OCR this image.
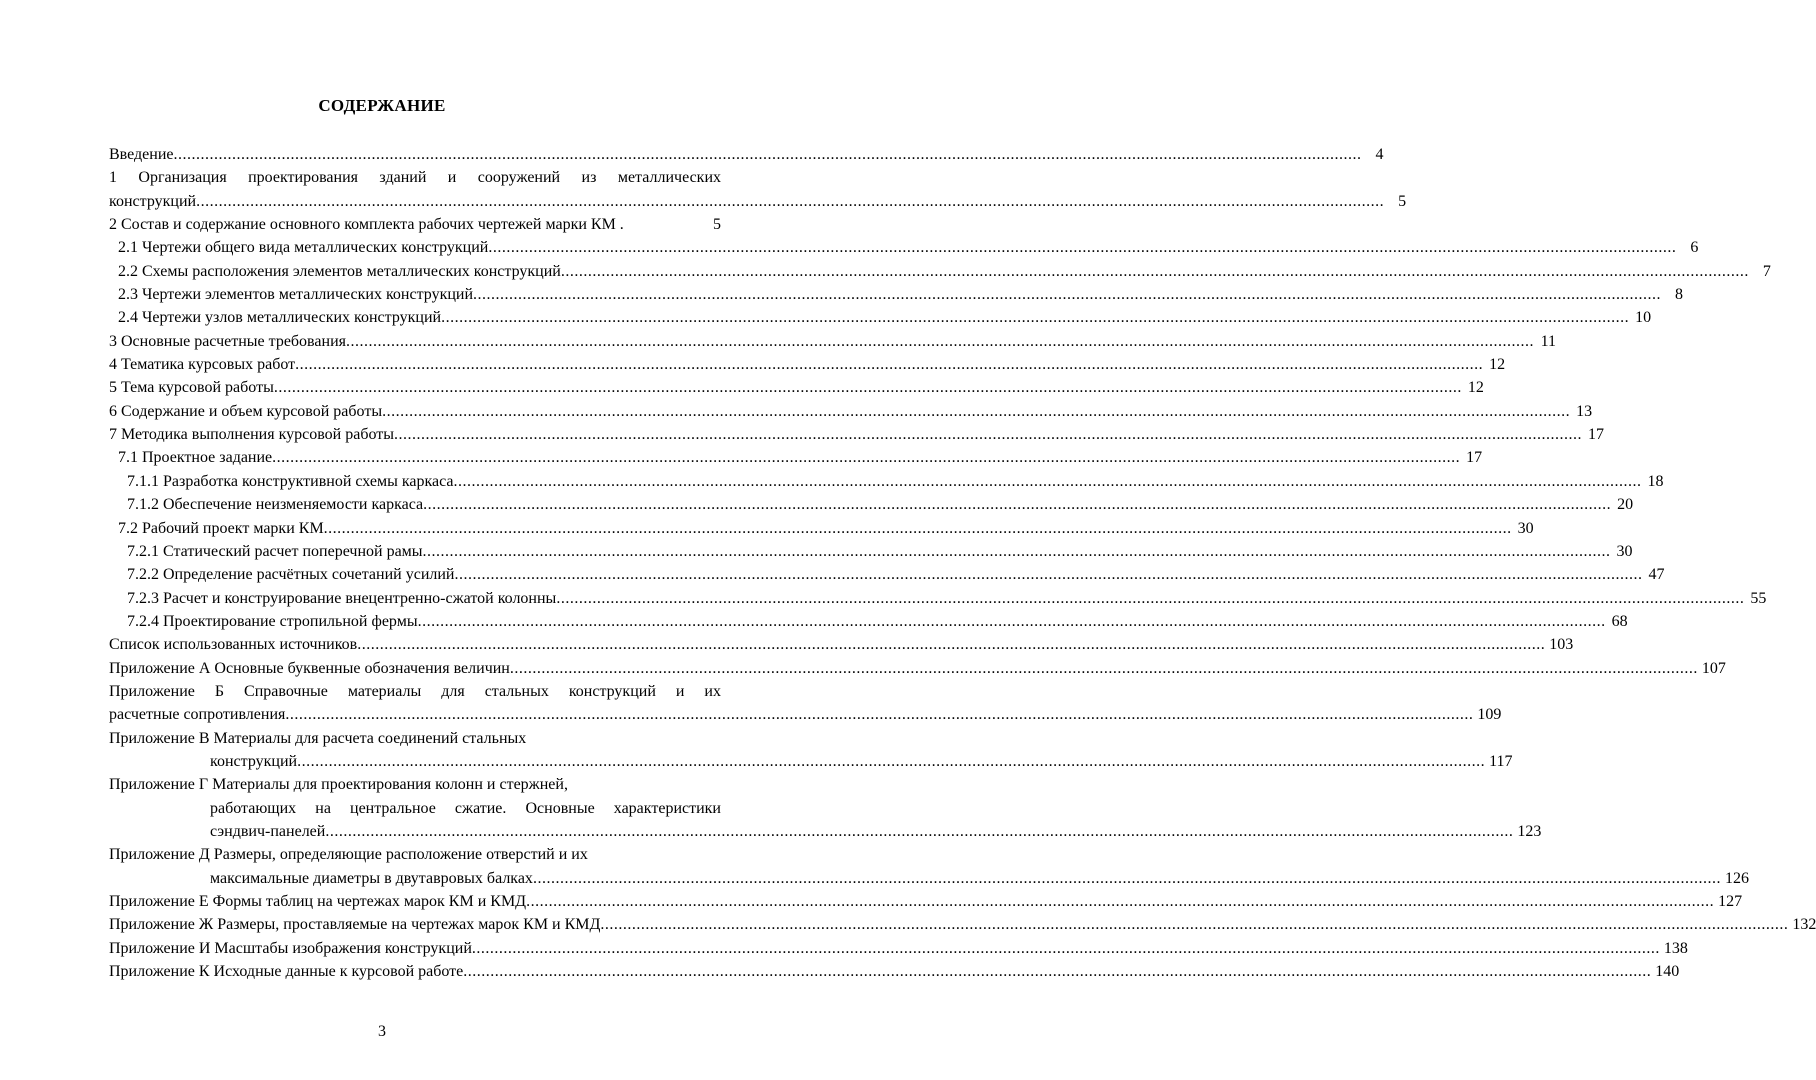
СОДЕРЖАНИЕ
Введение .....	4
1 Организация проектирования зданий и сооружений из металлических
конструкций .....	5
2 Состав и содержание основного комплекта рабочих чертежей марки КМ .	5
2.1 Чертежи общего вида металлических конструкций .....	6
2.2 Схемы расположения элементов металлических конструкций .....	7
2.3 Чертежи элементов металлических конструкций .....	8
2.4 Чертежи узлов металлических конструкций .....	10
3 Основные расчетные требования .....	11
4 Тематика курсовых работ .....	12
5 Тема курсовой работы .....	12
6 Содержание и объем курсовой работы .....	13
7 Методика выполнения курсовой работы .....	17
7.1 Проектное задание .....	17
7.1.1 Разработка конструктивной схемы каркаса .....	18
7.1.2 Обеспечение неизменяемости каркаса .....	20
7.2 Рабочий проект марки КМ .....	30
7.2.1 Статический расчет поперечной рамы .....	30
7.2.2 Определение расчётных сочетаний усилий .....	47
7.2.3 Расчет и конструирование внецентренно-сжатой колонны .....	55
7.2.4 Проектирование стропильной фермы .....	68
Список использованных источников .....	103
Приложение А Основные буквенные обозначения величин .....	107
Приложение Б Справочные материалы для стальных конструкций и их
расчетные сопротивления .....	109
Приложение В Материалы для расчета соединений стальных
конструкций .....	117
Приложение Г Материалы для проектирования колонн и стержней,
работающих на центральное сжатие. Основные характеристики
сэндвич-панелей .....	123
Приложение Д Размеры, определяющие расположение отверстий и их
максимальные диаметры в двутавровых балках .....	126
Приложение Е Формы таблиц на чертежах марок КМ и КМД .....	127
Приложение Ж Размеры, проставляемые на чертежах марок КМ и КМД .....	132
Приложение И Масштабы изображения конструкций .....	138
Приложение К Исходные данные к курсовой работе .....	140
3
